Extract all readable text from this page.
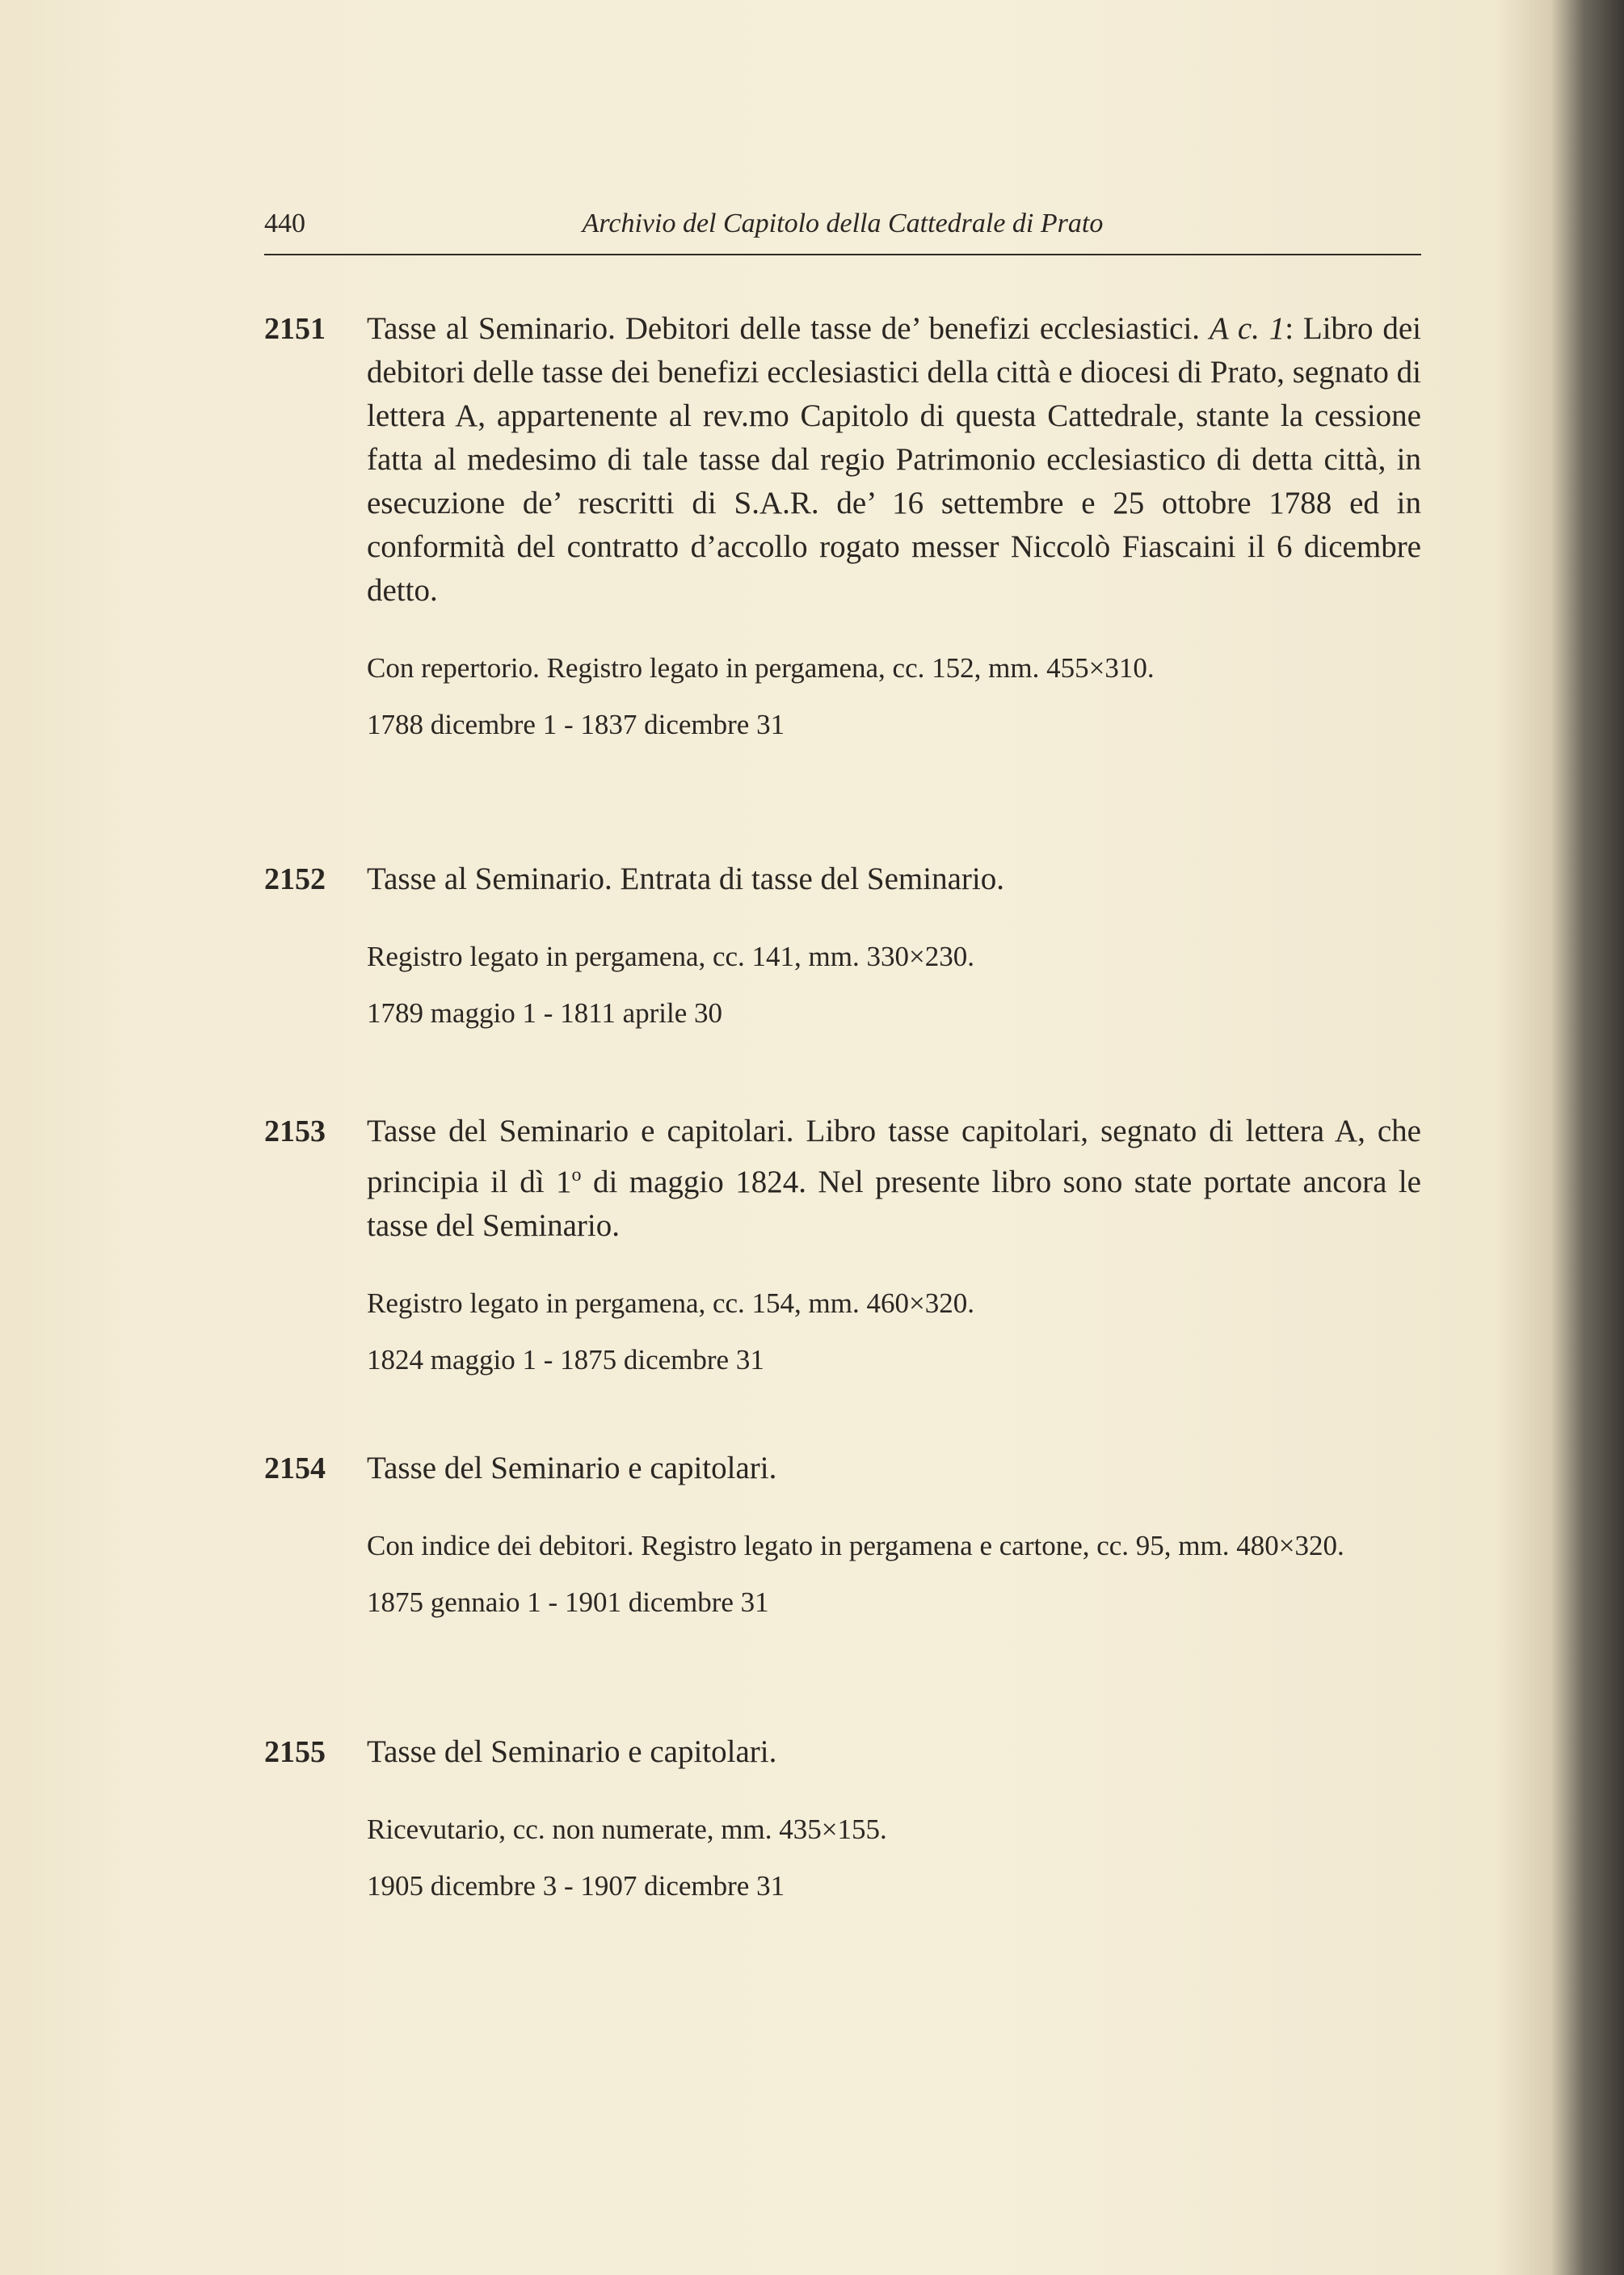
440	Archivio del Capitolo della Cattedrale di Prato
2151 Tasse al Seminario. Debitori delle tasse de’ benefizi ecclesiastici. A c. 1: Libro dei debitori delle tasse dei benefizi ecclesiastici della città e diocesi di Prato, segnato di lettera A, appartenente al rev.mo Capitolo di questa Cattedrale, stante la cessione fatta al medesimo di tale tasse dal regio Patrimonio ecclesiastico di detta città, in esecuzione de’ rescritti di S.A.R. de’ 16 settembre e 25 ottobre 1788 ed in conformità del contratto d’accollo rogato messer Niccolò Fiascaini il 6 dicembre detto.
Con repertorio. Registro legato in pergamena, cc. 152, mm. 455×310.
1788 dicembre 1 - 1837 dicembre 31
2152 Tasse al Seminario. Entrata di tasse del Seminario.
Registro legato in pergamena, cc. 141, mm. 330×230.
1789 maggio 1 - 1811 aprile 30
2153 Tasse del Seminario e capitolari. Libro tasse capitolari, segnato di lettera A, che principia il dì 1$^o$ di maggio 1824. Nel presente libro sono state portate ancora le tasse del Seminario.
Registro legato in pergamena, cc. 154, mm. 460×320.
1824 maggio 1 - 1875 dicembre 31
2154 Tasse del Seminario e capitolari.
Con indice dei debitori. Registro legato in pergamena e cartone, cc. 95, mm. 480×320.
1875 gennaio 1 - 1901 dicembre 31
2155 Tasse del Seminario e capitolari.
Ricevutario, cc. non numerate, mm. 435×155.
1905 dicembre 3 - 1907 dicembre 31
